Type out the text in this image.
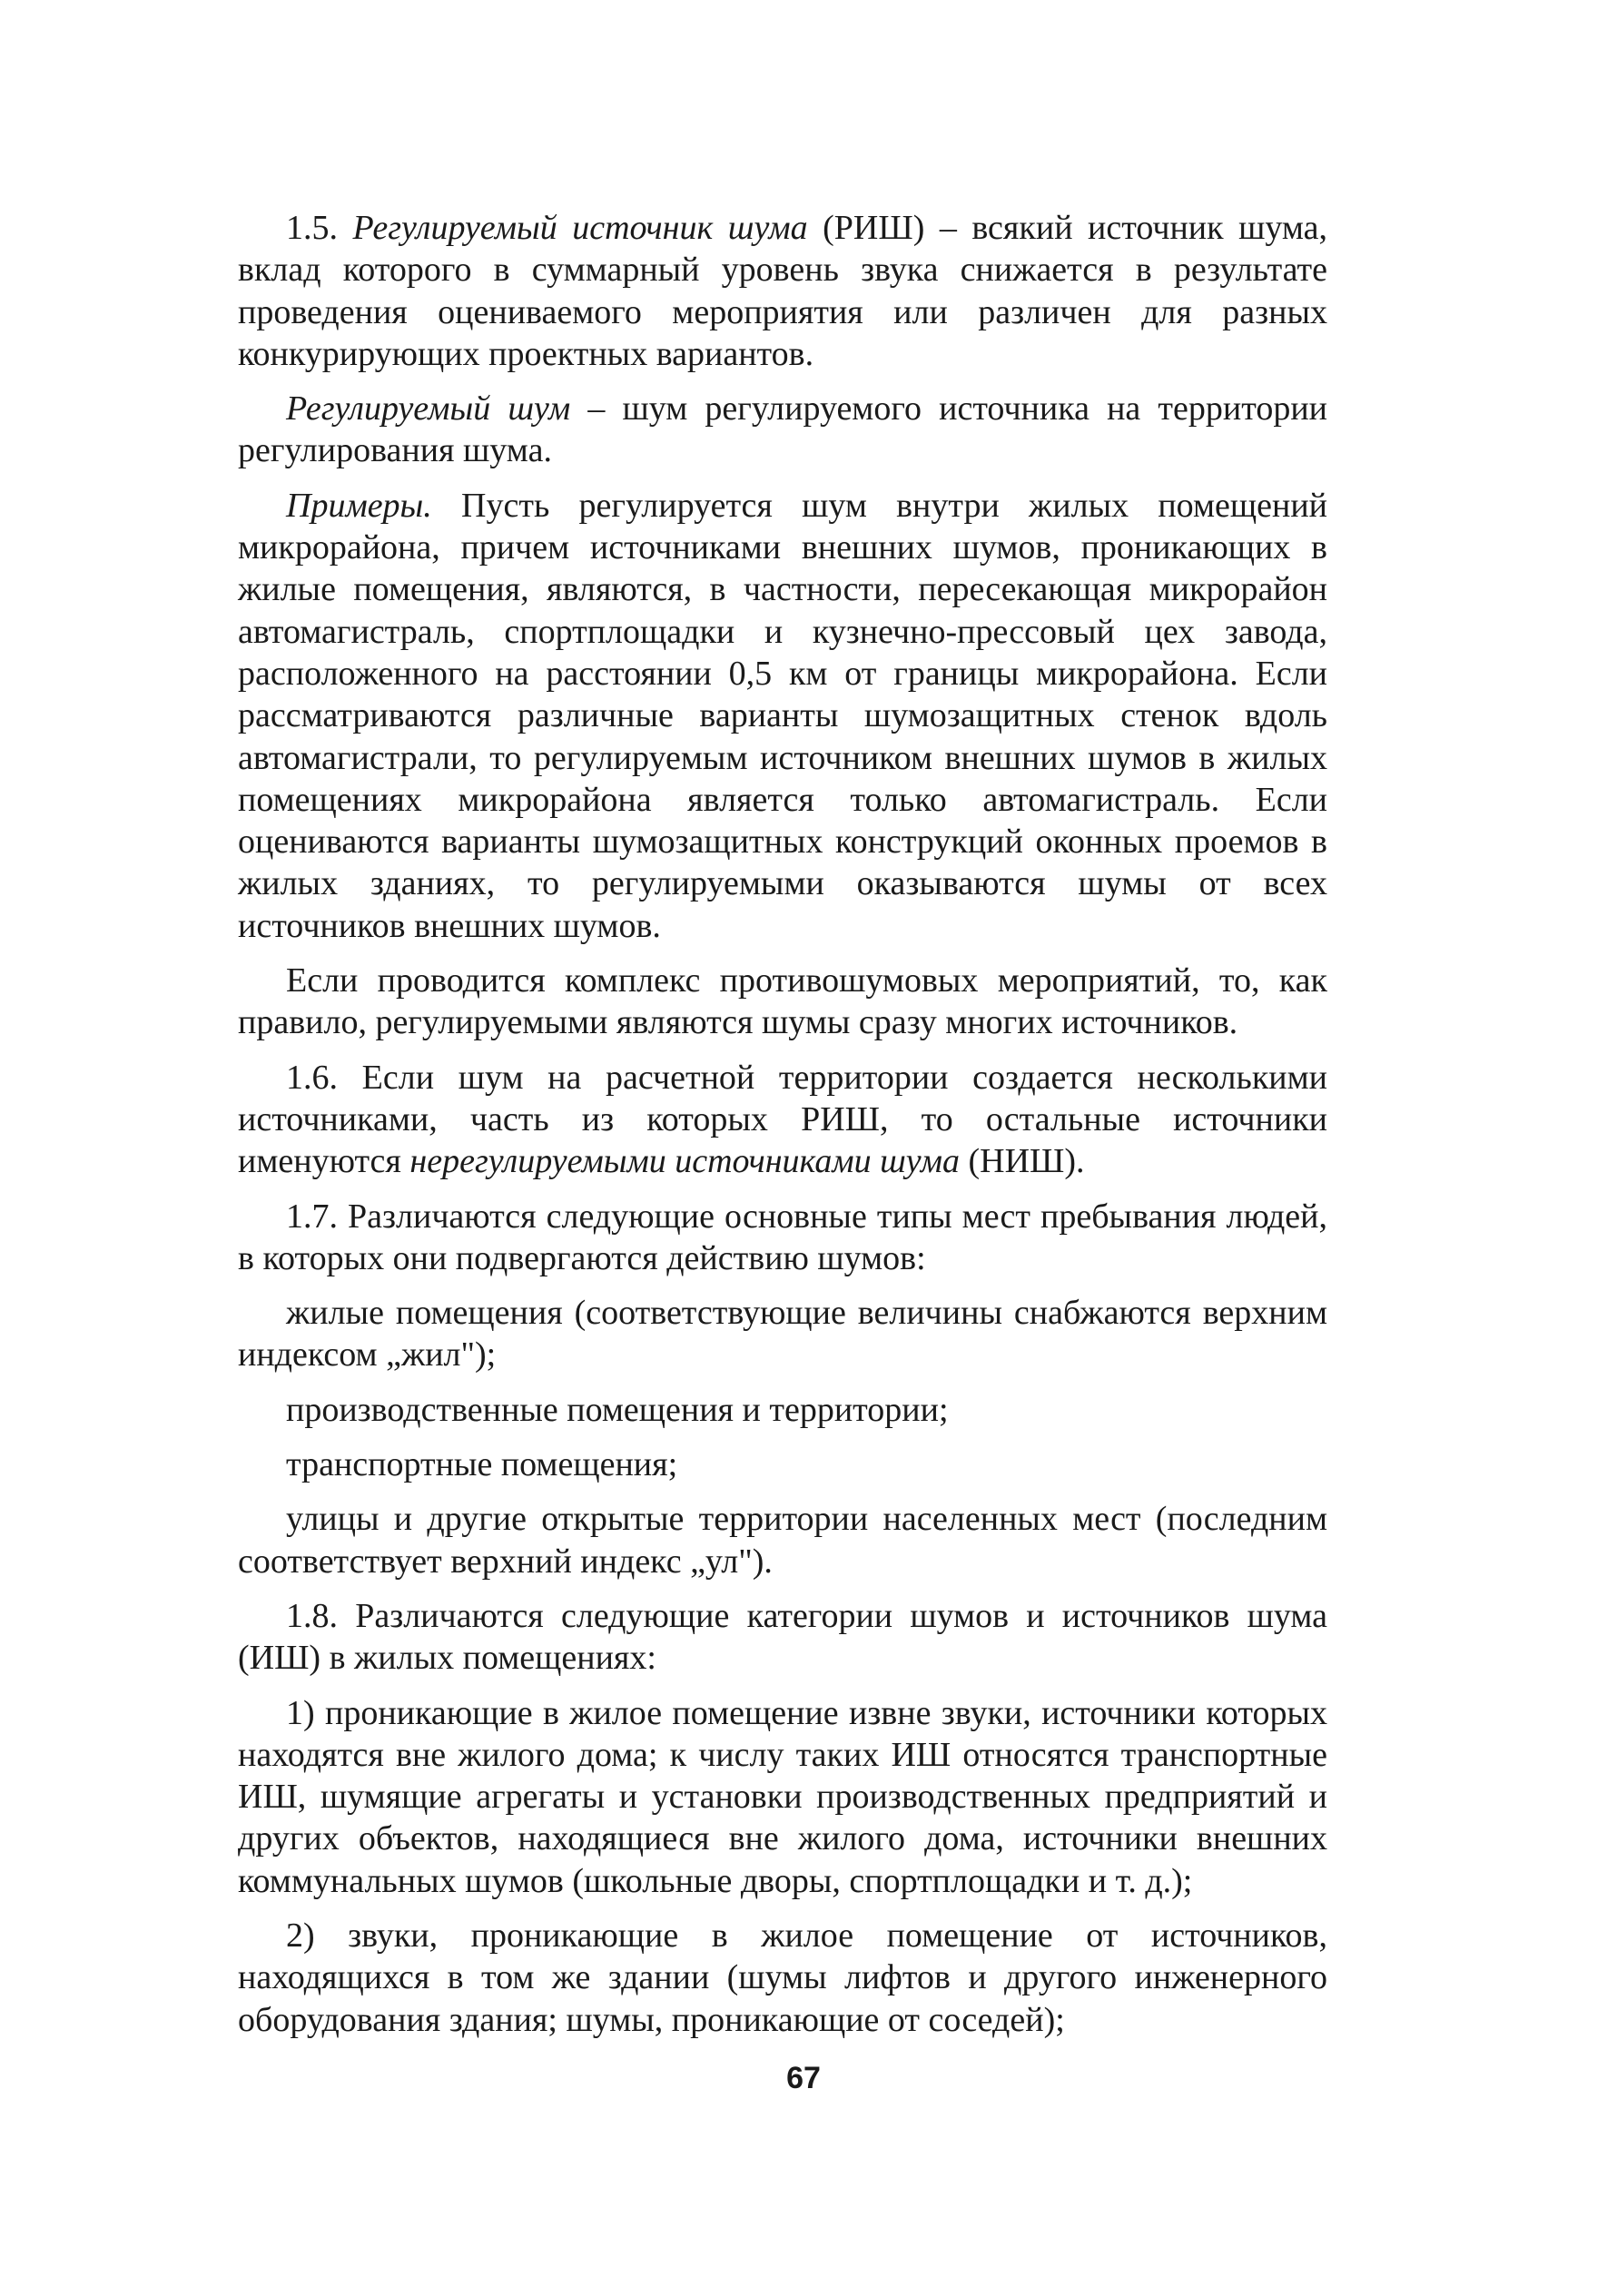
1.5. Регулируемый источник шума (РИШ) – всякий источник шума, вклад которого в суммарный уровень звука снижается в результате проведения оцениваемого мероприятия или различен для разных конкурирующих проектных вариантов.

Регулируемый шум – шум регулируемого источника на территории регулирования шума.

Примеры. Пусть регулируется шум внутри жилых помещений микрорайона, причем источниками внешних шумов, проникающих в жилые помещения, являются, в частности, пересекающая микрорайон автомагистраль, спортплощадки и кузнечно-прессовый цех завода, расположенного на расстоянии 0,5 км от границы микрорайона. Если рассматриваются различные варианты шумозащитных стенок вдоль автомагистрали, то регулируемым источником внешних шумов в жилых помещениях микрорайона является только автомагистраль. Если оцениваются варианты шумозащитных конструкций оконных проемов в жилых зданиях, то регулируемыми оказываются шумы от всех источников внешних шумов.

Если проводится комплекс противошумовых мероприятий, то, как правило, регулируемыми являются шумы сразу многих источников.

1.6. Если шум на расчетной территории создается несколькими источниками, часть из которых РИШ, то остальные источники именуются нерегулируемыми источниками шума (НИШ).

1.7. Различаются следующие основные типы мест пребывания людей, в которых они подвергаются действию шумов:

жилые помещения (соответствующие величины снабжаются верхним индексом „жил");

производственные помещения и территории;

транспортные помещения;

улицы и другие открытые территории населенных мест (последним соответствует верхний индекс „ул").

1.8. Различаются следующие категории шумов и источников шума (ИШ) в жилых помещениях:

1) проникающие в жилое помещение извне звуки, источники которых находятся вне жилого дома; к числу таких ИШ относятся транспортные ИШ, шумящие агрегаты и установки производственных предприятий и других объектов, находящиеся вне жилого дома, источники внешних коммунальных шумов (школьные дворы, спортплощадки и т. д.);

2) звуки, проникающие в жилое помещение от источников, находящихся в том же здании (шумы лифтов и другого инженерного оборудования здания; шумы, проникающие от соседей);

67
